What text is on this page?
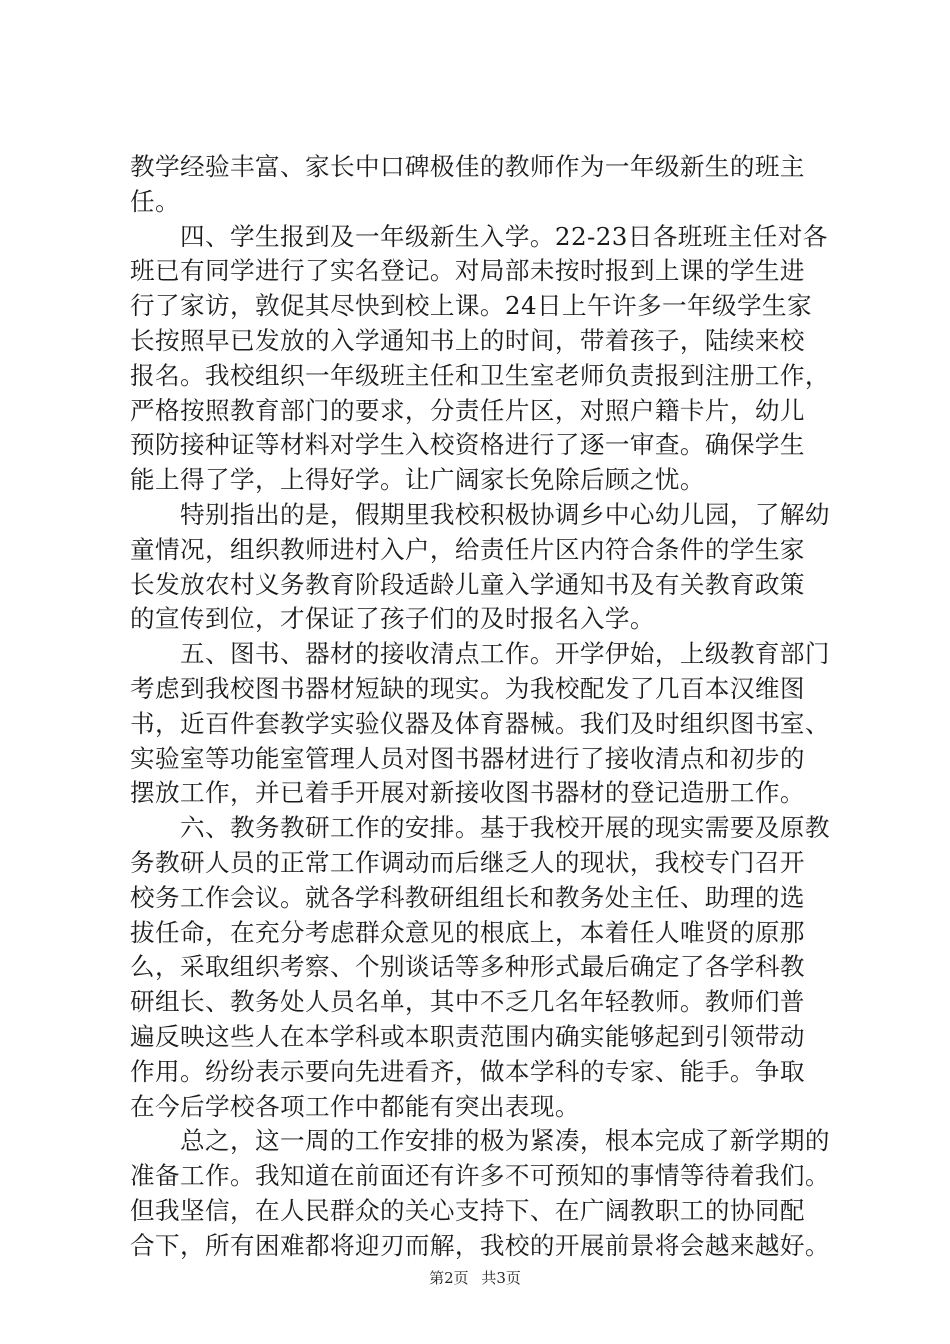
教学经验丰富、家长中口碑极佳的教师作为一年级新生的班主
任。
　　四、学生报到及一年级新生入学。22-23日各班班主任对各
班已有同学进行了实名登记。对局部未按时报到上课的学生进
行了家访，敦促其尽快到校上课。24日上午许多一年级学生家
长按照早已发放的入学通知书上的时间，带着孩子，陆续来校
报名。我校组织一年级班主任和卫生室老师负责报到注册工作，
严格按照教育部门的要求，分责任片区，对照户籍卡片，幼儿
预防接种证等材料对学生入校资格进行了逐一审查。确保学生
能上得了学，上得好学。让广阔家长免除后顾之忧。
　　特别指出的是，假期里我校积极协调乡中心幼儿园，了解幼
童情况，组织教师进村入户，给责任片区内符合条件的学生家
长发放农村义务教育阶段适龄儿童入学通知书及有关教育政策
的宣传到位，才保证了孩子们的及时报名入学。
　　五、图书、器材的接收清点工作。开学伊始，上级教育部门
考虑到我校图书器材短缺的现实。为我校配发了几百本汉维图
书，近百件套教学实验仪器及体育器械。我们及时组织图书室、
实验室等功能室管理人员对图书器材进行了接收清点和初步的
摆放工作，并已着手开展对新接收图书器材的登记造册工作。
　　六、教务教研工作的安排。基于我校开展的现实需要及原教
务教研人员的正常工作调动而后继乏人的现状，我校专门召开
校务工作会议。就各学科教研组组长和教务处主任、助理的选
拔任命，在充分考虑群众意见的根底上，本着任人唯贤的原那
么，采取组织考察、个别谈话等多种形式最后确定了各学科教
研组长、教务处人员名单，其中不乏几名年轻教师。教师们普
遍反映这些人在本学科或本职责范围内确实能够起到引领带动
作用。纷纷表示要向先进看齐，做本学科的专家、能手。争取
在今后学校各项工作中都能有突出表现。
　　总之，这一周的工作安排的极为紧凑，根本完成了新学期的
准备工作。我知道在前面还有许多不可预知的事情等待着我们。
但我坚信，在人民群众的关心支持下、在广阔教职工的协同配
合下，所有困难都将迎刃而解，我校的开展前景将会越来越好。
第2页 共3页
